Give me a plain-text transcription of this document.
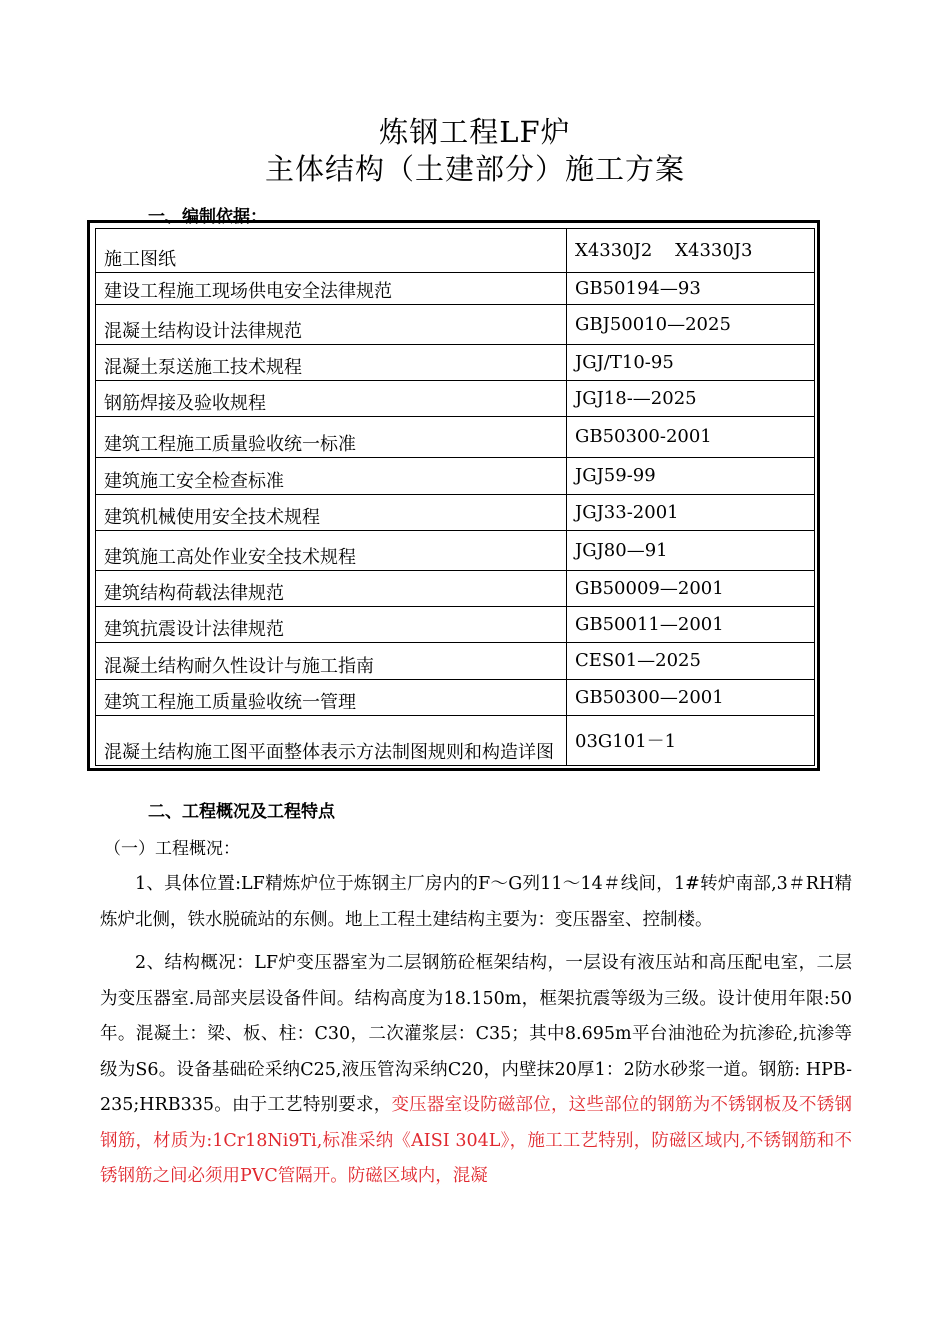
炼钢工程LF炉
主体结构（土建部分）施工方案
一、编制依据：
施工图纸	X4330J2    X4330J3
建设工程施工现场供电安全法律规范	GB50194—93
混凝土结构设计法律规范	GBJ50010—2025
混凝土泵送施工技术规程	JGJ/T10-95
钢筋焊接及验收规程	JGJ18-—2025
建筑工程施工质量验收统一标准	GB50300-2001
建筑施工安全检查标准	JGJ59-99
建筑机械使用安全技术规程	JGJ33-2001
建筑施工高处作业安全技术规程	JGJ80—91
建筑结构荷载法律规范	GB50009—2001
建筑抗震设计法律规范	GB50011—2001
混凝土结构耐久性设计与施工指南	CES01—2025
建筑工程施工质量验收统一管理	GB50300—2001
混凝土结构施工图平面整体表示方法制图规则和构造详图	03G101－1
二、工程概况及工程特点
（一）工程概况：
1、具体位置:LF精炼炉位于炼钢主厂房内的F～G列11～14＃线间，1#转炉南部,3＃RH精炼炉北侧，铁水脱硫站的东侧。地上工程土建结构主要为：变压器室、控制楼。
2、结构概况：LF炉变压器室为二层钢筋砼框架结构，一层设有液压站和高压配电室，二层为变压器室.局部夹层设备件间。结构高度为18.150m，框架抗震等级为三级。设计使用年限:50年。混凝土：梁、板、柱：C30，二次灌浆层：C35；其中8.695m平台油池砼为抗渗砼,抗渗等级为S6。设备基础砼采纳C25,液压管沟采纳C20，内壁抹20厚1：2防水砂浆一道。钢筋: HPB-235;HRB335。由于工艺特别要求，变压器室设防磁部位，这些部位的钢筋为不锈钢板及不锈钢钢筋，材质为:1Cr18Ni9Ti,标准采纳《AISI 304L》，施工工艺特别，防磁区域内,不锈钢筋和不锈钢筋之间必须用PVC管隔开。防磁区域内，混凝
